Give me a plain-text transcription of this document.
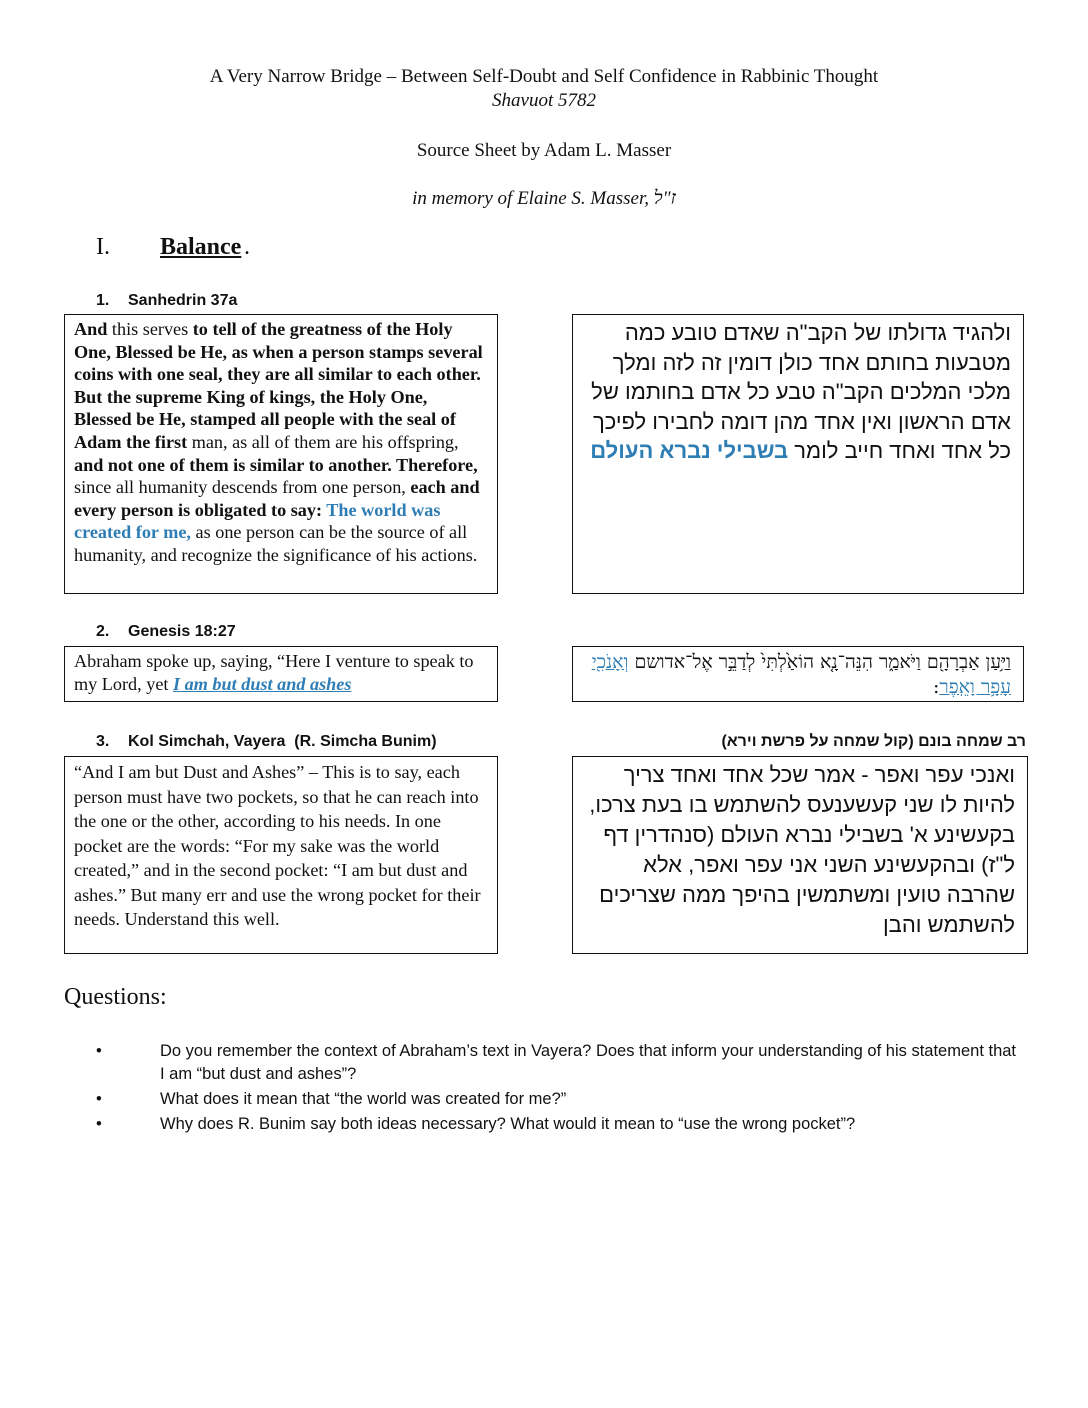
A Very Narrow Bridge – Between Self-Doubt and Self Confidence in Rabbinic Thought
Shavuot 5782
Source Sheet by Adam L. Masser
in memory of Elaine S. Masser, ז"ל
I. Balance .
1. Sanhedrin 37a
And this serves to tell of the greatness of the Holy One, Blessed be He, as when a person stamps several coins with one seal, they are all similar to each other. But the supreme King of kings, the Holy One, Blessed be He, stamped all people with the seal of Adam the first man, as all of them are his offspring, and not one of them is similar to another. Therefore, since all humanity descends from one person, each and every person is obligated to say: The world was created for me, as one person can be the source of all humanity, and recognize the significance of his actions.
ולהגיד גדולתו של הקב"ה שאדם טובע כמה מטבעות בחותם אחד כולן דומין זה לזה ומלך מלכי המלכים הקב"ה טבע כל אדם בחותמו של אדם הראשון ואין אחד מהן דומה לחבירו לפיכך כל אחד ואחד חייב לומר בשבילי נברא העולם
2. Genesis 18:27
Abraham spoke up, saying, “Here I venture to speak to my Lord, yet I am but dust and ashes
וַיַּ֥עַן אַבְרָהָ֖ם וַיֹּאמַ֑ר הִנֵּה־נָ֤א הוֹאַ֙לְתִּי֙ לְדַבֵּ֣ר אֶל־אדושם וְאָנֹכִ֖י עָפָ֥ר וָאֵֽפֶר:
3. Kol Simchah, Vayera  (R. Simcha Bunim)	רב שמחה בונם (קול שמחה על פרשת וירא)
“And I am but Dust and Ashes” – This is to say, each person must have two pockets, so that he can reach into the one or the other, according to his needs. In one pocket are the words: “For my sake was the world created,” and in the second pocket: “I am but dust and ashes.” But many err and use the wrong pocket for their needs. Understand this well.
ואנכי עפר ואפר - אמר שכל אחד ואחד צריך להיות לו שני קעשענעס להשתמש בו בעת צרכו, בקעשינע א' בשבילי נברא העולם (סנהדרין דף ל"ז) ובהקעשינע השני אני עפר ואפר, אלא שהרבה טועין ומשתמשין בהיפך ממה שצריכים להשתמש והבן
Questions:
•	Do you remember the context of Abraham’s text in Vayera? Does that inform your understanding of his statement that I am “but dust and ashes”?
•	What does it mean that “the world was created for me?”
•	Why does R. Bunim say both ideas necessary? What would it mean to “use the wrong pocket”?
